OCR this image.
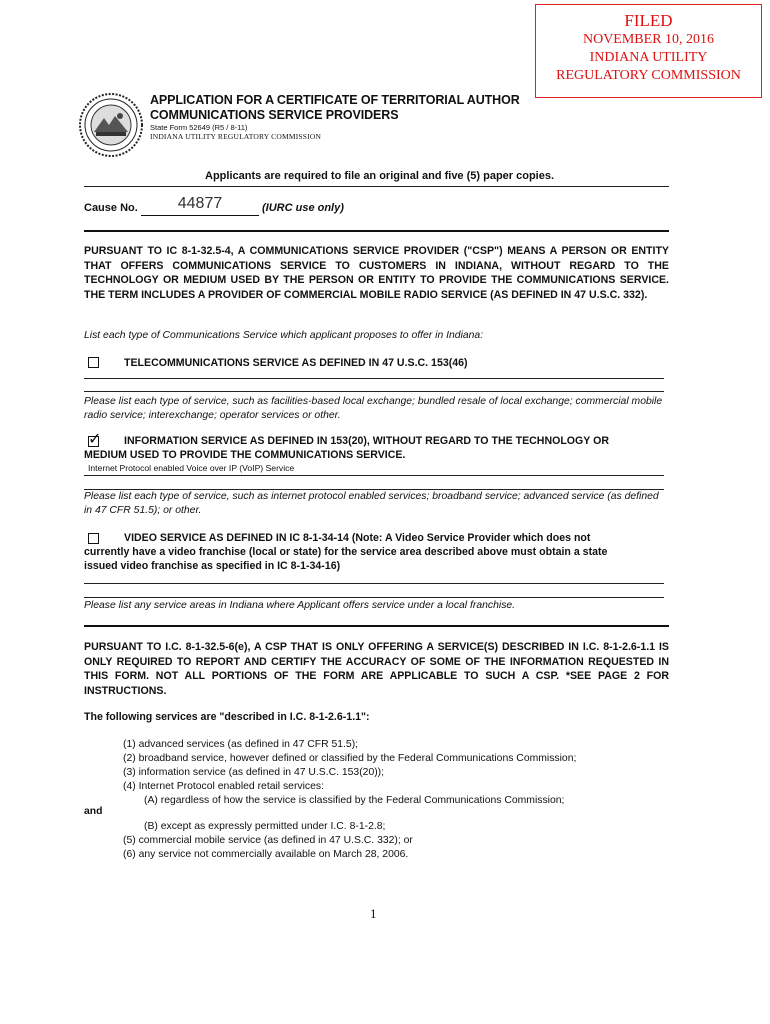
FILED
NOVEMBER 10, 2016
INDIANA UTILITY
REGULATORY COMMISSION
APPLICATION FOR A CERTIFICATE OF TERRITORIAL AUTHOR
COMMUNICATIONS SERVICE PROVIDERS
State Form 52649 (R5 / 8-11)
INDIANA UTILITY REGULATORY COMMISSION
Applicants are required to file an original and five (5) paper copies.
Cause No.	44877	(IURC use only)
PURSUANT TO IC 8-1-32.5-4, A COMMUNICATIONS SERVICE PROVIDER ("CSP") MEANS A PERSON OR ENTITY THAT OFFERS COMMUNICATIONS SERVICE TO CUSTOMERS IN INDIANA, WITHOUT REGARD TO THE TECHNOLOGY OR MEDIUM USED BY THE PERSON OR ENTITY TO PROVIDE THE COMMUNICATIONS SERVICE. THE TERM INCLUDES A PROVIDER OF COMMERCIAL MOBILE RADIO SERVICE (AS DEFINED IN 47 U.S.C. 332).
List each type of Communications Service which applicant proposes to offer in Indiana:
TELECOMMUNICATIONS SERVICE AS DEFINED IN 47 U.S.C. 153(46)
Please list each type of service, such as facilities-based local exchange; bundled resale of local exchange; commercial mobile radio service; interexchange; operator services or other.
✓ INFORMATION SERVICE AS DEFINED IN 153(20), WITHOUT REGARD TO THE TECHNOLOGY OR
MEDIUM USED TO PROVIDE THE COMMUNICATIONS SERVICE.
Internet Protocol enabled Voice over IP (VoIP) Service
Please list each type of service, such as internet protocol enabled services; broadband service; advanced service (as defined in 47 CFR 51.5); or other.
VIDEO SERVICE AS DEFINED IN IC 8-1-34-14 (Note: A Video Service Provider which does not
currently have a video franchise (local or state) for the service area described above must obtain a state
issued video franchise as specified in IC 8-1-34-16)
Please list any service areas in Indiana where Applicant offers service under a local franchise.
PURSUANT TO I.C. 8-1-32.5-6(e), A CSP THAT IS ONLY OFFERING A SERVICE(S) DESCRIBED IN I.C. 8-1-2.6-1.1 IS ONLY REQUIRED TO REPORT AND CERTIFY THE ACCURACY OF SOME OF THE INFORMATION REQUESTED IN THIS FORM. NOT ALL PORTIONS OF THE FORM ARE APPLICABLE TO SUCH A CSP. *SEE PAGE 2 FOR INSTRUCTIONS.
The following services are "described in I.C. 8-1-2.6-1.1":
(1) advanced services (as defined in 47 CFR 51.5);
(2) broadband service, however defined or classified by the Federal Communications Commission;
(3) information service (as defined in 47 U.S.C. 153(20));
(4) Internet Protocol enabled retail services:
(A) regardless of how the service is classified by the Federal Communications Commission;
and
(B) except as expressly permitted under I.C. 8-1-2.8;
(5) commercial mobile service (as defined in 47 U.S.C. 332); or
(6) any service not commercially available on March 28, 2006.
1
